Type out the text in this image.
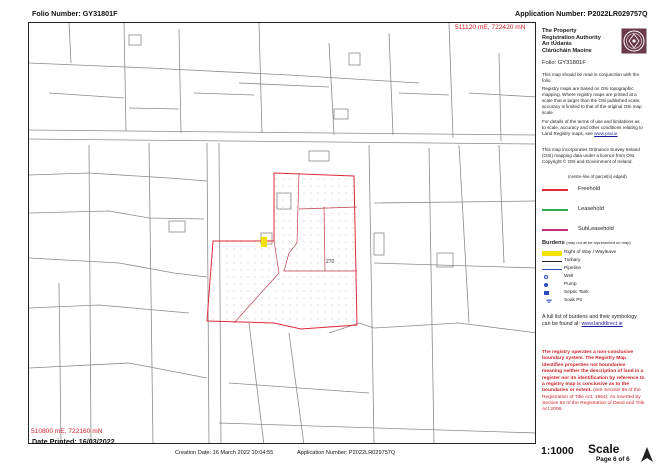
Folio Number: GY31801F	Application Number: P2022LR029757Q
270
511120 mE, 722420 mN
510800 mE, 722160 mN
The Property
Registration Authority
An tÚdarás
Clárúcháin Maoine
Folio: GY31801F
This map should be read in conjunction with the folio.
Registry maps are based on OSi topographic mapping. Where registry maps are printed at a scale that is larger than the OSi published scale, accuracy is limited to that of the original OSi map scale.
For details of the terms of use and limitations as to scale, accuracy and other conditions relating to Land Registry maps, see www.prai.ie
This map incorporates Ordnance Survey Ireland (OSI) mapping data under a licence from OSI. Copyright © OSI and Government of Ireland.
(centre-line of parcel(s) edged)
Freehold
Leasehold
SubLeasehold
Burdens (may not all be represented on map)
Right of Way / Wayleave
Turbary
Pipeline
Well
Pump
Septic Tank
Soak Pit
A full list of burdens and their symbology can be found at: www.landdirect.ie
The registry operates a non-conclusive boundary system. The Registry Map identifies properties not boundaries meaning neither the description of land in a register nor its identification by reference to a registry map is conclusive as to the boundaries or extent. (see Section 85 of the Registration of Title Act, 1964). As inserted by Section 62 of the Registration of Deed and Title Act 2006.
Date Printed: 16/03/2022
Creation Date: 16 March 2022 10:04:55	Application Number: P2022LR029757Q	1:1000 Scale
Page 6 of 6
